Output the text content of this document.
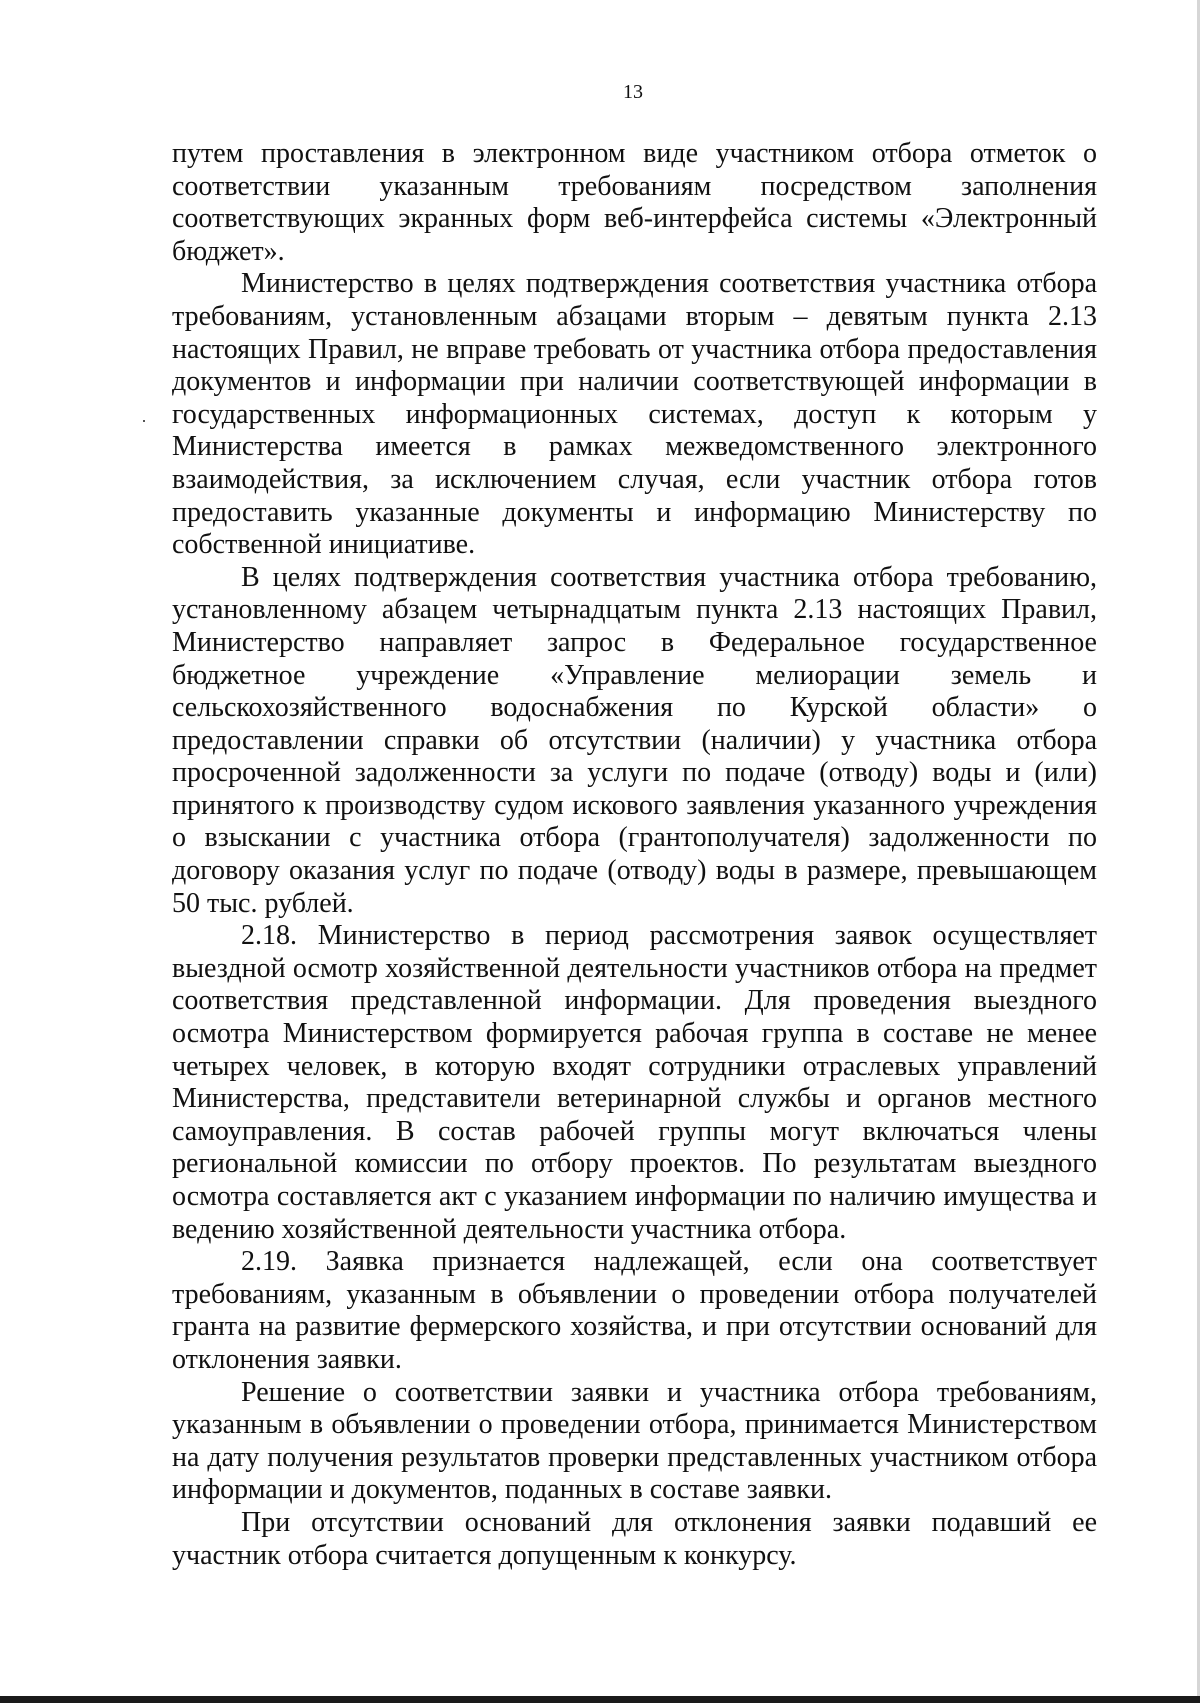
13

путем проставления в электронном виде участником отбора отметок о соответствии указанным требованиям посредством заполнения соответствующих экранных форм веб-интерфейса системы «Электронный бюджет».

Министерство в целях подтверждения соответствия участника отбора требованиям, установленным абзацами вторым – девятым пункта 2.13 настоящих Правил, не вправе требовать от участника отбора предоставления документов и информации при наличии соответствующей информации в государственных информационных системах, доступ к которым у Министерства имеется в рамках межведомственного электронного взаимодействия, за исключением случая, если участник отбора готов предоставить указанные документы и информацию Министерству по собственной инициативе.

В целях подтверждения соответствия участника отбора требованию, установленному абзацем четырнадцатым пункта 2.13 настоящих Правил, Министерство направляет запрос в Федеральное государственное бюджетное учреждение «Управление мелиорации земель и сельскохозяйственного водоснабжения по Курской области» о предоставлении справки об отсутствии (наличии) у участника отбора просроченной задолженности за услуги по подаче (отводу) воды и (или) принятого к производству судом искового заявления указанного учреждения о взыскании с участника отбора (грантополучателя) задолженности по договору оказания услуг по подаче (отводу) воды в размере, превышающем 50 тыс. рублей.

2.18. Министерство в период рассмотрения заявок осуществляет выездной осмотр хозяйственной деятельности участников отбора на предмет соответствия представленной информации. Для проведения выездного осмотра Министерством формируется рабочая группа в составе не менее четырех человек, в которую входят сотрудники отраслевых управлений Министерства, представители ветеринарной службы и органов местного самоуправления. В состав рабочей группы могут включаться члены региональной комиссии по отбору проектов. По результатам выездного осмотра составляется акт с указанием информации по наличию имущества и ведению хозяйственной деятельности участника отбора.

2.19. Заявка признается надлежащей, если она соответствует требованиям, указанным в объявлении о проведении отбора получателей гранта на развитие фермерского хозяйства, и при отсутствии оснований для отклонения заявки.

Решение о соответствии заявки и участника отбора требованиям, указанным в объявлении о проведении отбора, принимается Министерством на дату получения результатов проверки представленных участником отбора информации и документов, поданных в составе заявки.

При отсутствии оснований для отклонения заявки подавший ее участник отбора считается допущенным к конкурсу.
